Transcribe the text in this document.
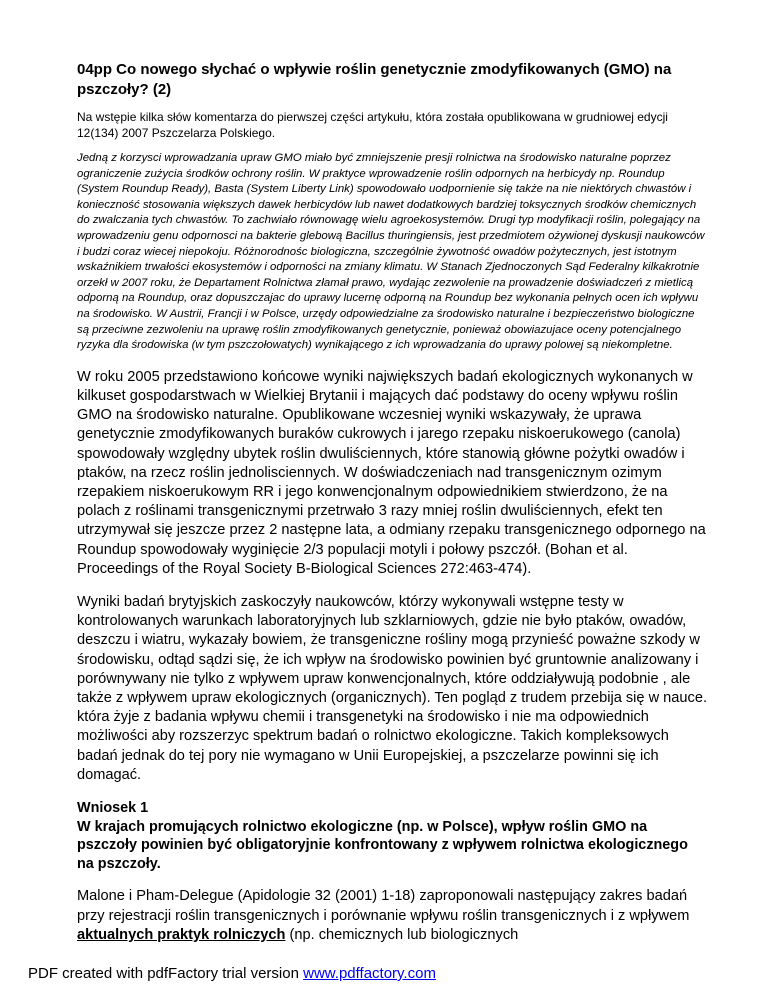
04pp Co nowego słychać o wpływie roślin genetycznie zmodyfikowanych (GMO) na pszczoły? (2)

Na wstępie kilka słów komentarza do pierwszej części artykułu, która została opublikowana w grudniowej edycji 12(134) 2007 Pszczelarza Polskiego.

Jedną z korzysci wprowadzania upraw GMO miało być zmniejszenie presji rolnictwa na środowisko naturalne poprzez ograniczenie zużycia środków ochrony roślin. W praktyce wprowadzenie roślin odpornych na herbicydy np. Roundup (System Roundup Ready), Basta (System Liberty Link) spowodowało uodpornienie się także na nie niektórych chwastów i konieczność stosowania większych dawek herbicydów lub nawet dodatkowych bardziej toksycznych środków chemicznych do zwalczania tych chwastów. To zachwiało równowagę wielu agroekosystemów. Drugi typ modyfikacji roślin, polegający na wprowadzeniu genu odpornosci na bakterie glebową Bacillus thuringiensis, jest przedmiotem ożywionej dyskusji naukowców i budzi coraz wiecej niepokoju. Różnorodnośc biologiczna, szczególnie żywotność owadów pożytecznych, jest istotnym wskaźnikiem trwałości ekosystemów i odporności na zmiany klimatu. W Stanach Zjednoczonych Sąd Federalny kilkakrotnie orzekł w 2007 roku, że Departament Rolnictwa złamał prawo, wydając zezwolenie na prowadzenie doświadczeń z mietlicą odporną na Roundup, oraz dopuszczajac do uprawy lucernę odporną na Roundup bez wykonania pełnych ocen ich wpływu na środowisko. W Austrii, Francji i w Polsce, urzędy odpowiedzialne za środowisko naturalne i bezpieczeństwo biologiczne są przeciwne zezwoleniu na uprawę roślin zmodyfikowanych genetycznie, ponieważ obowiazujace oceny potencjalnego ryzyka dla środowiska (w tym pszczołowatych) wynikającego z ich wprowadzania do uprawy polowej są niekompletne.

W roku 2005 przedstawiono końcowe wyniki największych badań ekologicznych wykonanych w kilkuset gospodarstwach w Wielkiej Brytanii i mających dać podstawy do oceny wpływu roślin GMO na środowisko naturalne. Opublikowane wczesniej wyniki wskazywały, że uprawa genetycznie zmodyfikowanych buraków cukrowych i jarego rzepaku niskoerukowego (canola) spowodowały względny ubytek roślin dwuliściennych, które stanowią główne pożytki owadów i ptaków, na rzecz roślin jednolisciennych. W doświadczeniach nad transgenicznym ozimym rzepakiem niskoerukowym RR i jego konwencjonalnym odpowiednikiem stwierdzono, że na polach z roślinami transgenicznymi przetrwało 3 razy mniej roślin dwuliściennych, efekt ten utrzymywał się jeszcze przez 2 następne lata, a odmiany rzepaku transgenicznego odpornego na Roundup spowodowały wyginięcie 2/3 populacji motyli i połowy pszczół. (Bohan et al. Proceedings of the Royal Society B-Biological Sciences 272:463-474).

Wyniki badań brytyjskich zaskoczyły naukowców, którzy wykonywali wstępne testy w kontrolowanych warunkach laboratoryjnych lub szklarniowych, gdzie nie było ptaków, owadów, deszczu i wiatru, wykazały bowiem, że transgeniczne rośliny mogą przynieść poważne szkody w środowisku, odtąd sądzi się, że ich wpływ na środowisko powinien być gruntownie analizowany i porównywany nie tylko z wpływem upraw konwencjonalnych, które oddziaływują podobnie , ale także z wpływem upraw ekologicznych (organicznych). Ten pogląd z trudem przebija się w nauce. która żyje z badania wpływu chemii i transgenetyki na środowisko i nie ma odpowiednich możliwości aby rozszerzyc spektrum badań o rolnictwo ekologiczne. Takich kompleksowych badań jednak do tej pory nie wymagano w Unii Europejskiej, a pszczelarze powinni się ich domagać.

Wniosek 1
W krajach promujących rolnictwo ekologiczne (np. w Polsce), wpływ roślin GMO na pszczoły powinien być obligatoryjnie konfrontowany z wpływem rolnictwa ekologicznego na pszczoły.

Malone i Pham-Delegue (Apidologie 32 (2001) 1-18) zaproponowali następujący zakres badań przy rejestracji roślin transgenicznych i porównanie wpływu roślin transgenicznych i z wpływem aktualnych praktyk rolniczych (np. chemicznych lub biologicznych

PDF created with pdfFactory trial version www.pdffactory.com
